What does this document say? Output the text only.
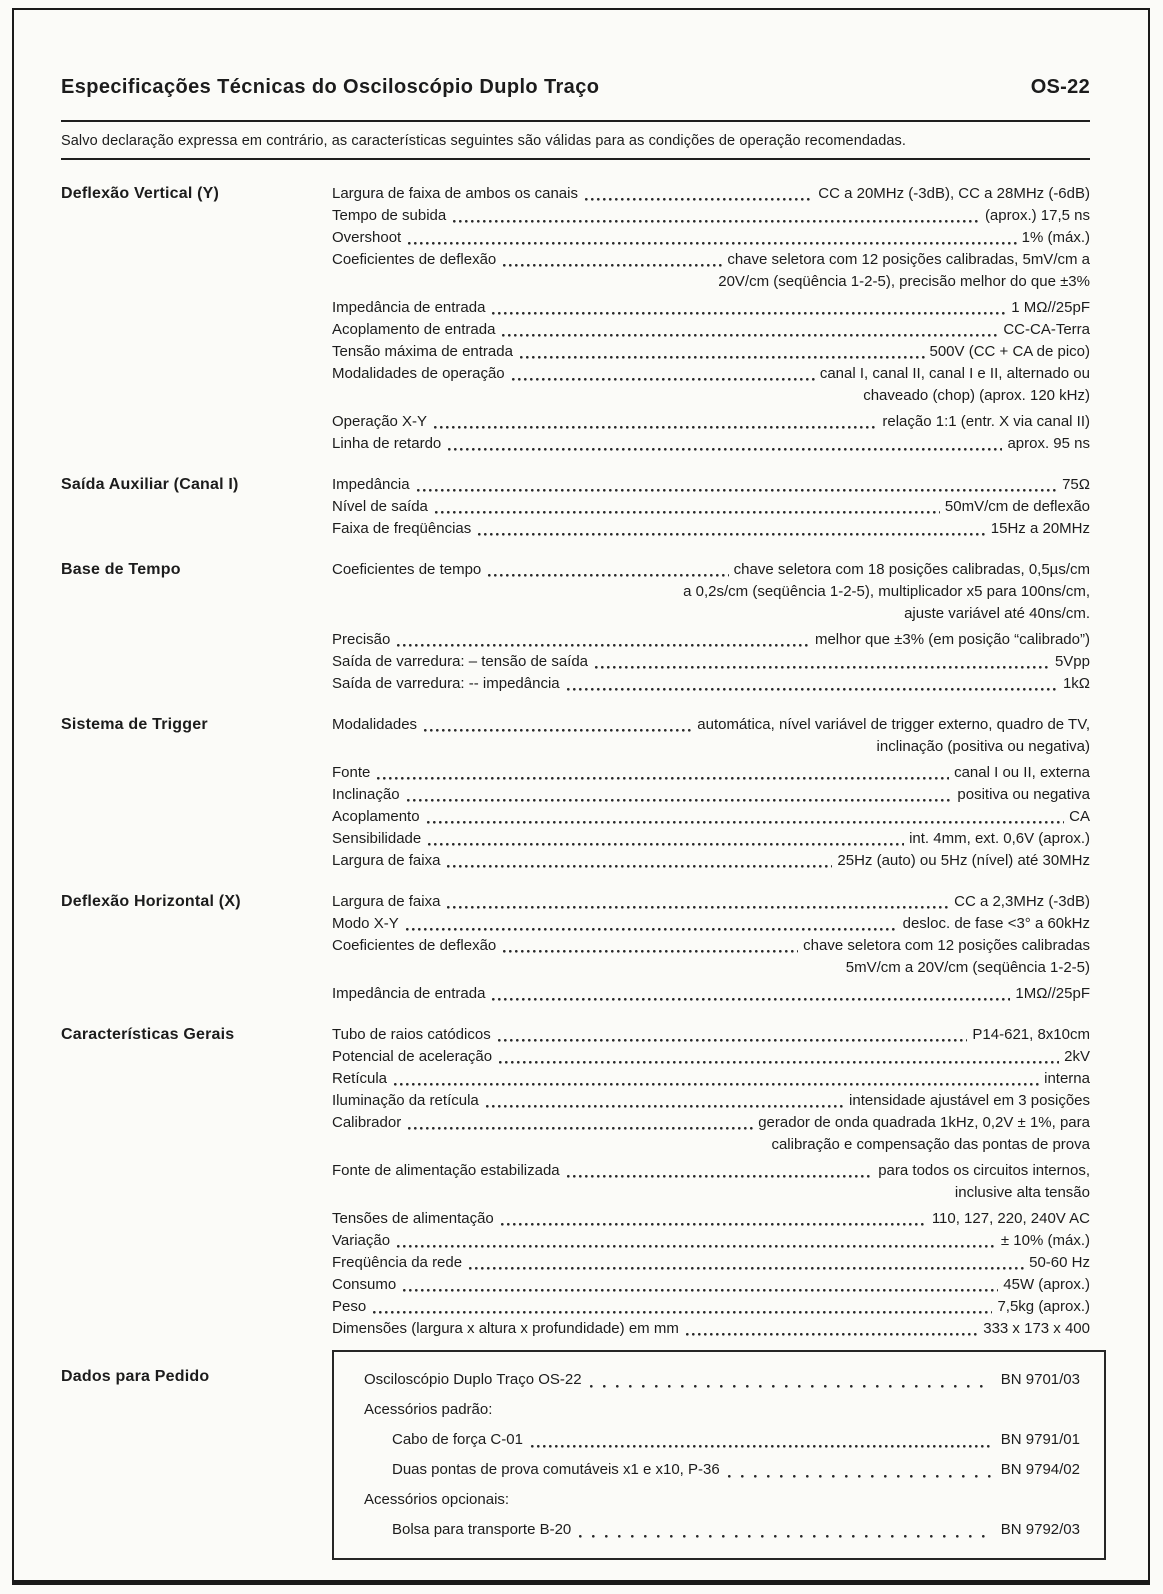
Especificações Técnicas do Osciloscópio Duplo Traço	OS-22

Salvo declaração expressa em contrário, as características seguintes são válidas para as condições de operação recomendadas.

Deflexão Vertical (Y)	Largura de faixa de ambos os canais	CC a 20MHz (-3dB), CC a 28MHz (-6dB)
Tempo de subida	(aprox.) 17,5 ns
Overshoot	1% (máx.)
Coeficientes de deflexão	chave seletora com 12 posições calibradas, 5mV/cm a
20V/cm (seqüência 1-2-5), precisão melhor do que ±3%
Impedância de entrada	1 MΩ//25pF
Acoplamento de entrada	CC-CA-Terra
Tensão máxima de entrada	500V (CC + CA de pico)
Modalidades de operação	canal I, canal II, canal I e II, alternado ou
chaveado (chop) (aprox. 120 kHz)
Operação X-Y	relação 1:1 (entr. X via canal II)
Linha de retardo	aprox. 95 ns
Saída Auxiliar (Canal I)	Impedância	75Ω
Nível de saída	50mV/cm de deflexão
Faixa de freqüências	15Hz a 20MHz
Base de Tempo	Coeficientes de tempo	chave seletora com 18 posições calibradas, 0,5µs/cm
a 0,2s/cm (seqüência 1-2-5), multiplicador x5 para 100ns/cm,
ajuste variável até 40ns/cm.
Precisão	melhor que ±3% (em posição “calibrado”)
Saída de varredura: – tensão de saída	5Vpp
Saída de varredura: -- impedância	1kΩ
Sistema de Trigger	Modalidades	automática, nível variável de trigger externo, quadro de TV,
inclinação (positiva ou negativa)
Fonte	canal I ou II, externa
Inclinação	positiva ou negativa
Acoplamento	CA
Sensibilidade	int. 4mm, ext. 0,6V (aprox.)
Largura de faixa	25Hz (auto) ou 5Hz (nível) até 30MHz
Deflexão Horizontal (X)	Largura de faixa	CC a 2,3MHz (-3dB)
Modo X-Y	desloc. de fase <3° a 60kHz
Coeficientes de deflexão	chave seletora com 12 posições calibradas
5mV/cm a 20V/cm (seqüência 1-2-5)
Impedância de entrada	1MΩ//25pF
Características Gerais	Tubo de raios catódicos	P14-621, 8x10cm
Potencial de aceleração	2kV
Retícula	interna
Iluminação da retícula	intensidade ajustável em 3 posições
Calibrador	gerador de onda quadrada 1kHz, 0,2V ± 1%, para
calibração e compensação das pontas de prova
Fonte de alimentação estabilizada	para todos os circuitos internos,
inclusive alta tensão
Tensões de alimentação	110, 127, 220, 240V AC
Variação	± 10% (máx.)
Freqüência da rede	50-60 Hz
Consumo	45W (aprox.)
Peso	7,5kg (aprox.)
Dimensões (largura x altura x profundidade) em mm	333 x 173 x 400
Dados para Pedido	Osciloscópio Duplo Traço OS-22	BN 9701/03
Acessórios padrão:
Cabo de força C-01	BN 9791/01
Duas pontas de prova comutáveis x1 e x10, P-36	BN 9794/02
Acessórios opcionais:
Bolsa para transporte B-20	BN 9792/03
